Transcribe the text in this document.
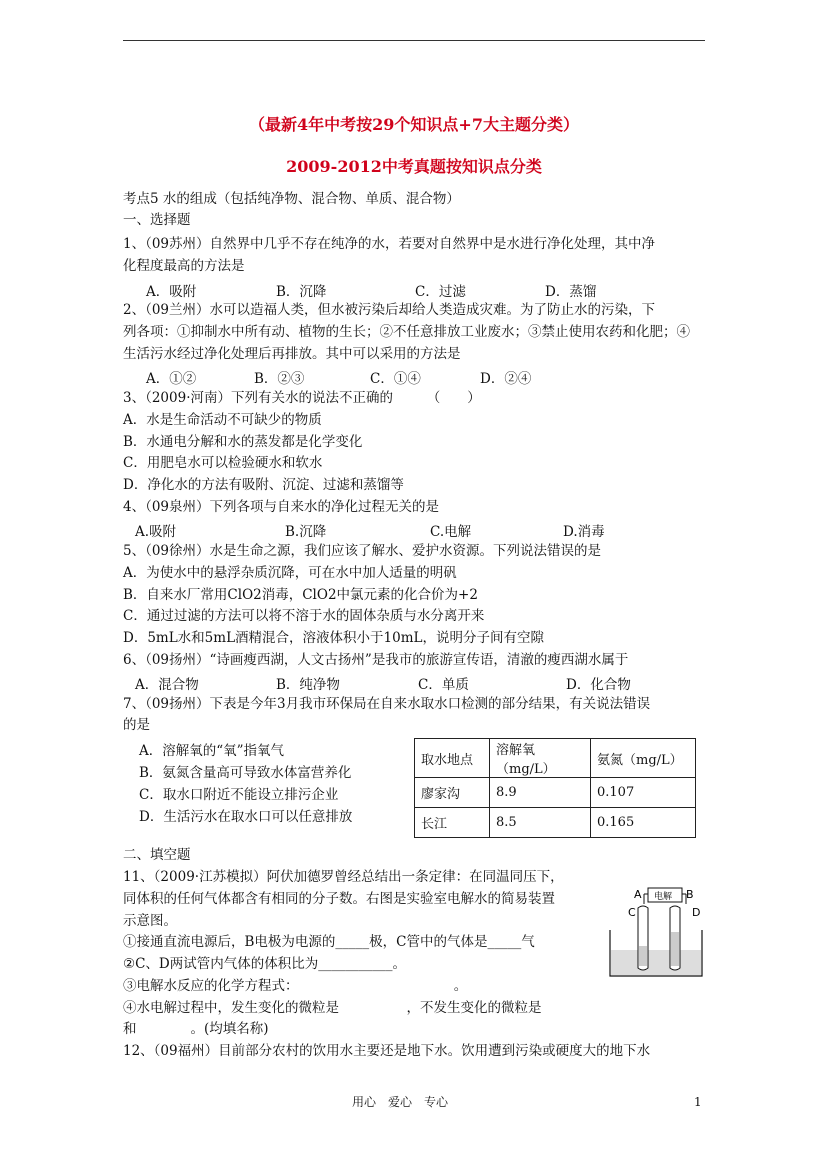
（最新4年中考按29个知识点+7大主题分类）
2009-2012中考真题按知识点分类
考点5 水的组成（包括纯净物、混合物、单质、混合物）
一、选择题
1、（09苏州）自然界中几乎不存在纯净的水，若要对自然界中是水进行净化处理，其中净
化程度最高的方法是
A．吸附	B．沉降	C．过滤	D．蒸馏
2、（09兰州）水可以造福人类，但水被污染后却给人类造成灾难。为了防止水的污染，下
列各项：①抑制水中所有动、植物的生长；②不任意排放工业废水；③禁止使用农药和化肥；④
生活污水经过净化处理后再排放。其中可以采用的方法是
A．①②	B．②③	C．①④	D．②④
3、（2009·河南）下列有关水的说法不正确的　　　（　　）
A．水是生命活动不可缺少的物质
B．水通电分解和水的蒸发都是化学变化
C．用肥皂水可以检验硬水和软水
D．净化水的方法有吸附、沉淀、过滤和蒸馏等
4、（09泉州）下列各项与自来水的净化过程无关的是
A.吸附	B.沉降	C.电解	D.消毒
5、（09徐州）水是生命之源，我们应该了解水、爱护水资源。下列说法错误的是
A．为使水中的悬浮杂质沉降，可在水中加人适量的明矾
B．自来水厂常用ClO2消毒，ClO2中氯元素的化合价为+2
C．通过过滤的方法可以将不溶于水的固体杂质与水分离开来
D．5mL水和5mL酒精混合，溶液体积小于10mL，说明分子间有空隙
6、（09扬州）“诗画瘦西湖，人文古扬州”是我市的旅游宣传语，清澈的瘦西湖水属于
A．混合物	B．纯净物	C．单质	D．化合物
7、（09扬州）下表是今年3月我市环保局在自来水取水口检测的部分结果，有关说法错误
的是
A．溶解氧的“氧”指氧气
B．氨氮含量高可导致水体富营养化
C．取水口附近不能设立排污企业
D．生活污水在取水口可以任意排放
取水地点	溶解氧（mg/L）	氨氮（mg/L）
廖家沟	8.9	0.107
长江	8.5	0.165
二、填空题
11、（2009·江苏模拟）阿伏加德罗曾经总结出一条定律：在同温同压下，
同体积的任何气体都含有相同的分子数。右图是实验室电解水的简易装置
示意图。
①接通直流电源后，B电极为电源的_____极，C管中的气体是_____气
②C、D两试管内气体的体积比为___________。
③电解水反应的化学方程式：　　　　　　　　　　　　。
④水电解过程中，发生变化的微粒是　　　　　，不发生变化的微粒是
和　　　　。(均填名称)
A	B
电解
C	D
12、（09福州）目前部分农村的饮用水主要还是地下水。饮用遭到污染或硬度大的地下水
用心　爱心　专心	1
